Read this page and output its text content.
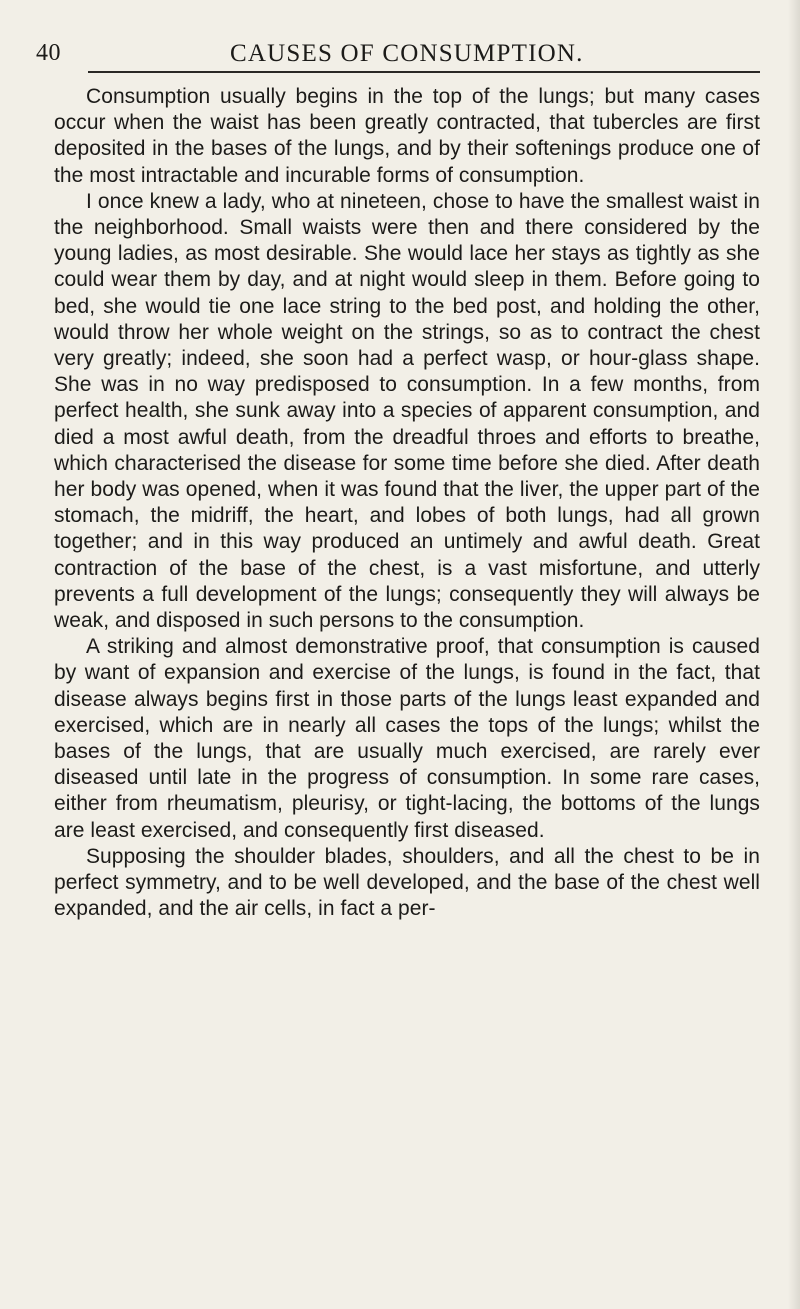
40	CAUSES OF CONSUMPTION.

Consumption usually begins in the top of the lungs; but many cases occur when the waist has been greatly contracted, that tubercles are first deposited in the bases of the lungs, and by their softenings produce one of the most intractable and incurable forms of consumption.

I once knew a lady, who at nineteen, chose to have the smallest waist in the neighborhood. Small waists were then and there considered by the young ladies, as most desirable. She would lace her stays as tightly as she could wear them by day, and at night would sleep in them. Before going to bed, she would tie one lace string to the bed post, and holding the other, would throw her whole weight on the strings, so as to contract the chest very greatly; indeed, she soon had a perfect wasp, or hour-glass shape. She was in no way predisposed to consumption. In a few months, from perfect health, she sunk away into a species of apparent consumption, and died a most awful death, from the dreadful throes and efforts to breathe, which characterised the disease for some time before she died. After death her body was opened, when it was found that the liver, the upper part of the stomach, the midriff, the heart, and lobes of both lungs, had all grown together; and in this way produced an untimely and awful death. Great contraction of the base of the chest, is a vast misfortune, and utterly prevents a full development of the lungs; consequently they will always be weak, and disposed in such persons to the consumption.

A striking and almost demonstrative proof, that consumption is caused by want of expansion and exercise of the lungs, is found in the fact, that disease always begins first in those parts of the lungs least expanded and exercised, which are in nearly all cases the tops of the lungs; whilst the bases of the lungs, that are usually much exercised, are rarely ever diseased until late in the progress of consumption. In some rare cases, either from rheumatism, pleurisy, or tight-lacing, the bottoms of the lungs are least exercised, and consequently first diseased.

Supposing the shoulder blades, shoulders, and all the chest to be in perfect symmetry, and to be well developed, and the base of the chest well expanded, and the air cells, in fact a per-
